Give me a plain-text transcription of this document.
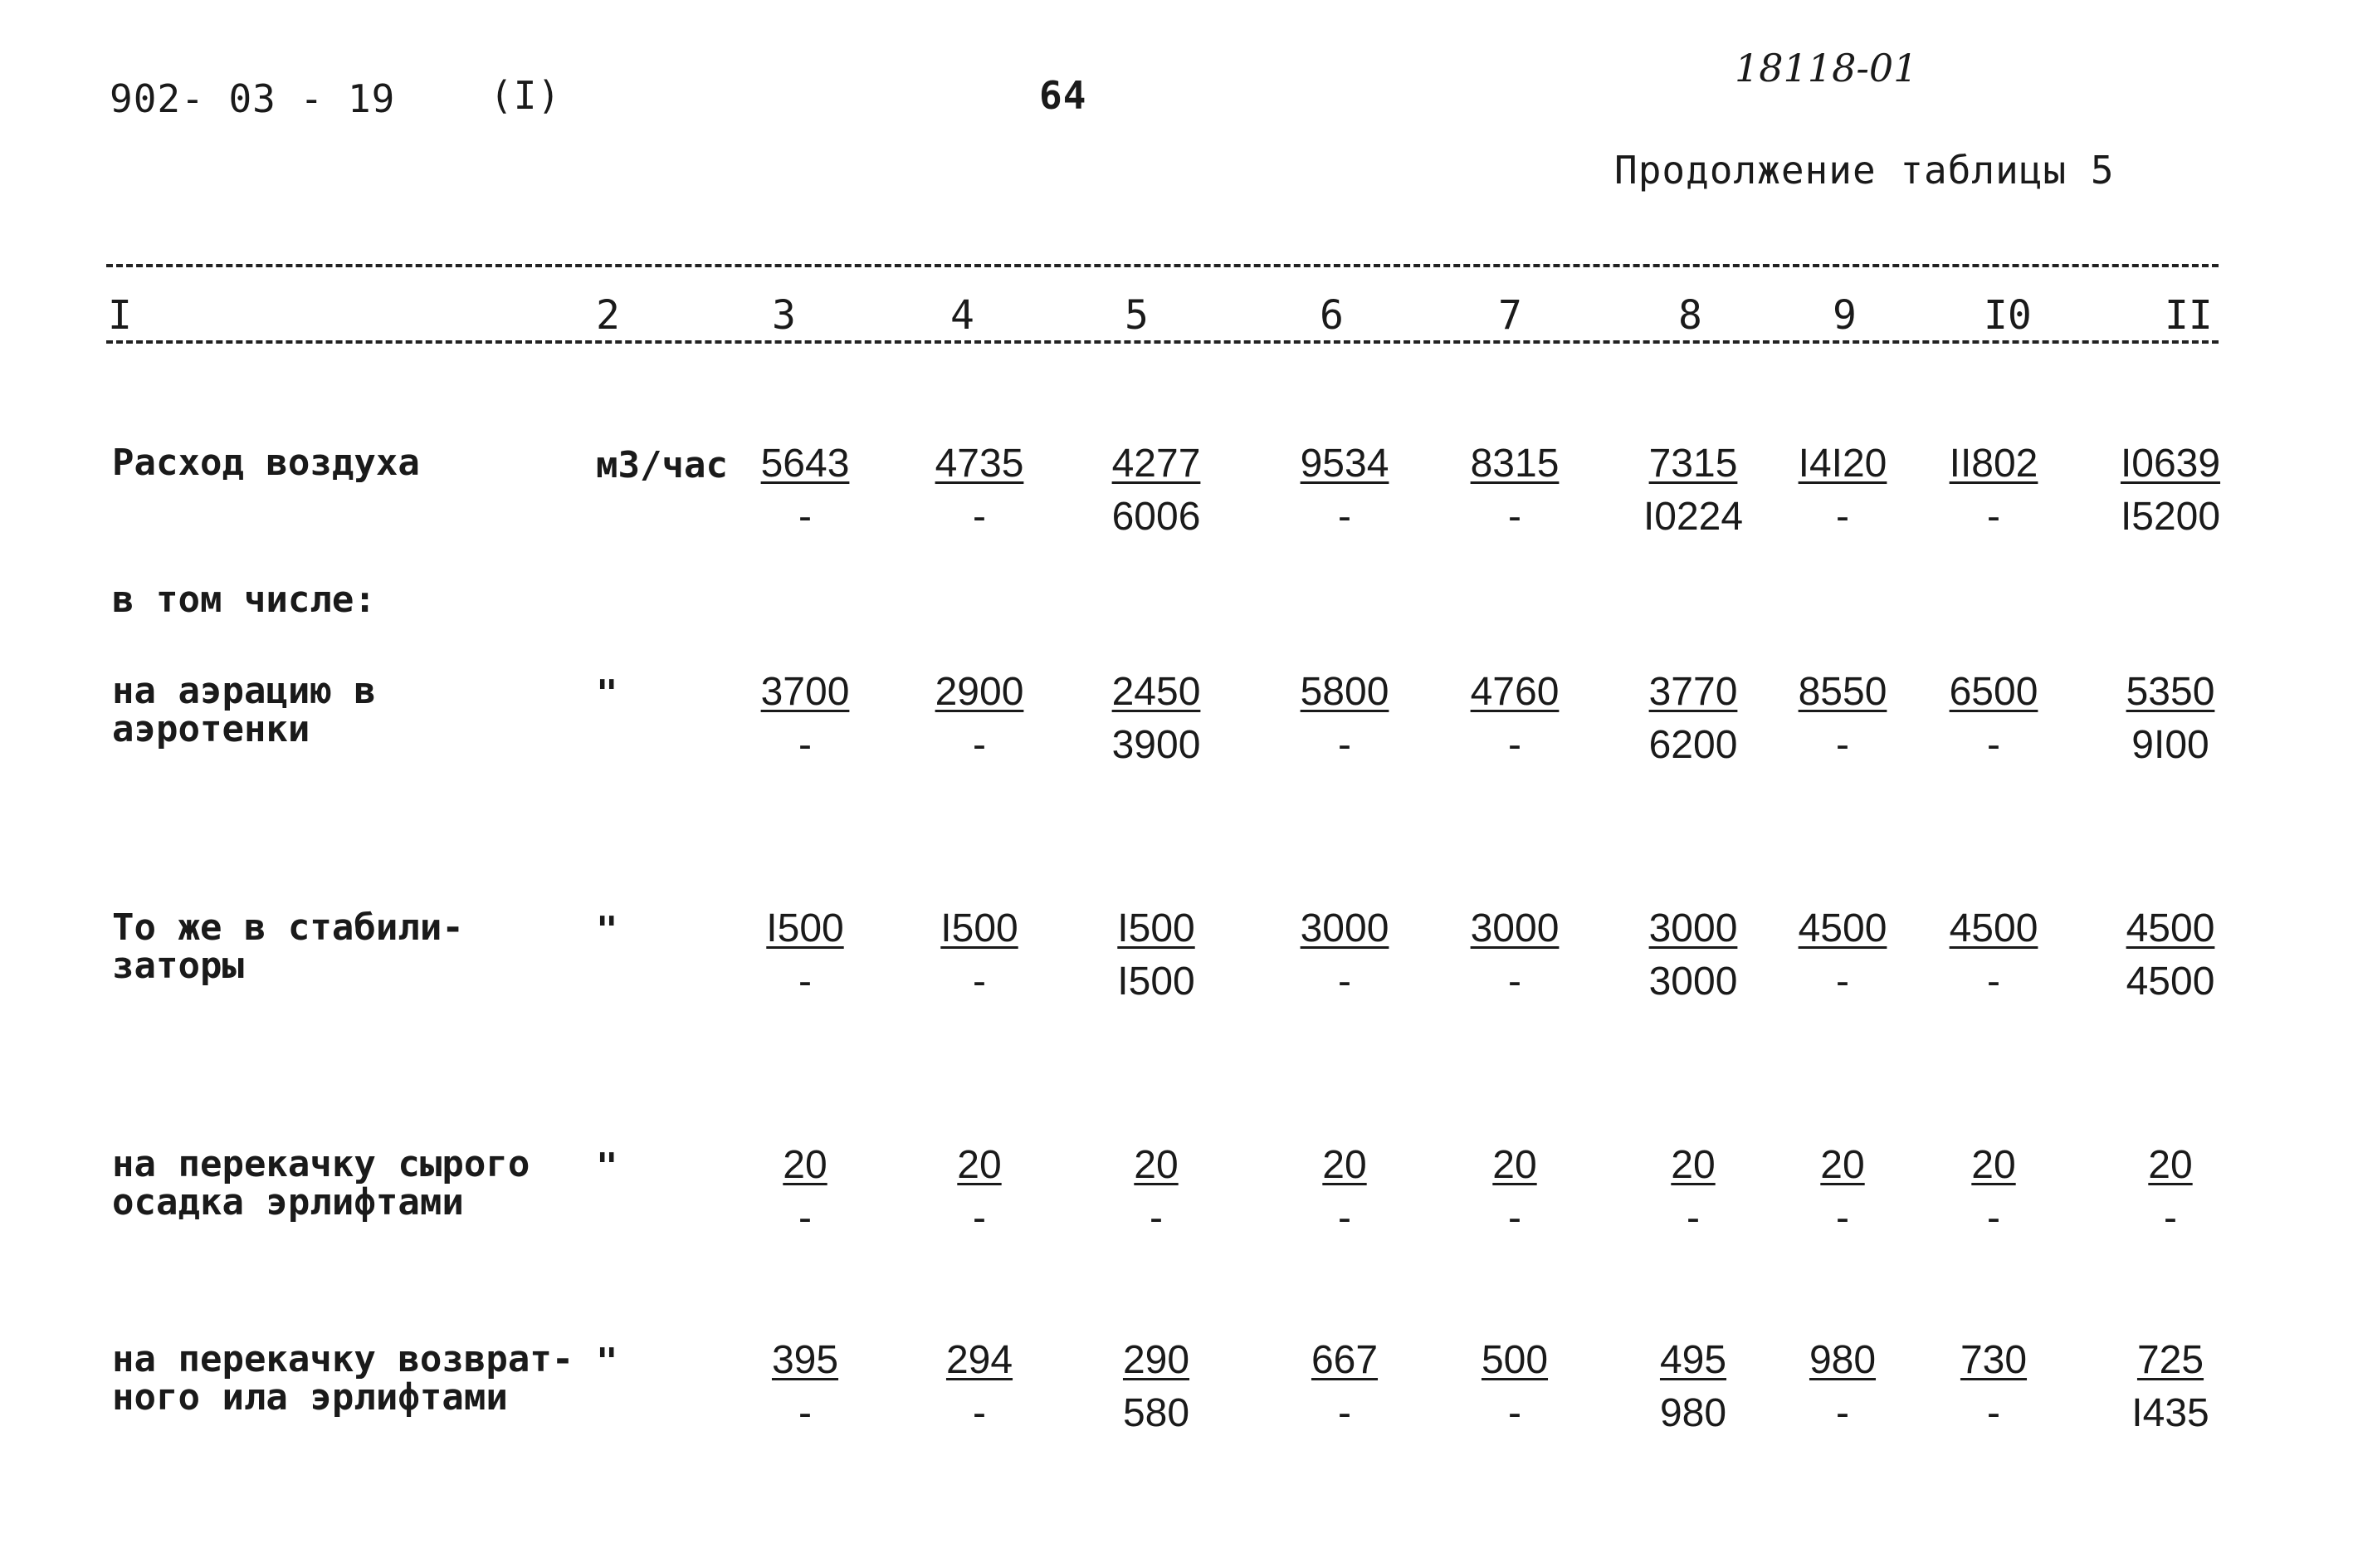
902- 03 - 19 (I)	64
18118-01
Продолжение таблицы 5
I	2	3	4	5	6	7	8	9	I0	II
Расход воздуха	м3/час 5643	4735	4277	9534	8315	7315	I4I20	II802	I0639
-	-	6006	-	-	I0224	-	-	I5200
в том числе:
на аэрацию в
аэротенки
"	3700	2900	2450	5800	4760	3770	8550	6500	5350
-	-	3900	-	-	6200	-	-	9I00
То же в стабили-
заторы
"	I500	I500	I500	3000	3000	3000	4500	4500	4500
-	-	I500	-	-	3000	-	-	4500
на перекачку сырого
осадка эрлифтами
"	20	20	20	20	20	20	20	20	20
-	-	-	-	-	-	-	-	-
на перекачку возврат-
ного ила эрлифтами
"	395	294	290	667	500	495	980	730	725
-	-	580	-	-	980	-	-	I435
